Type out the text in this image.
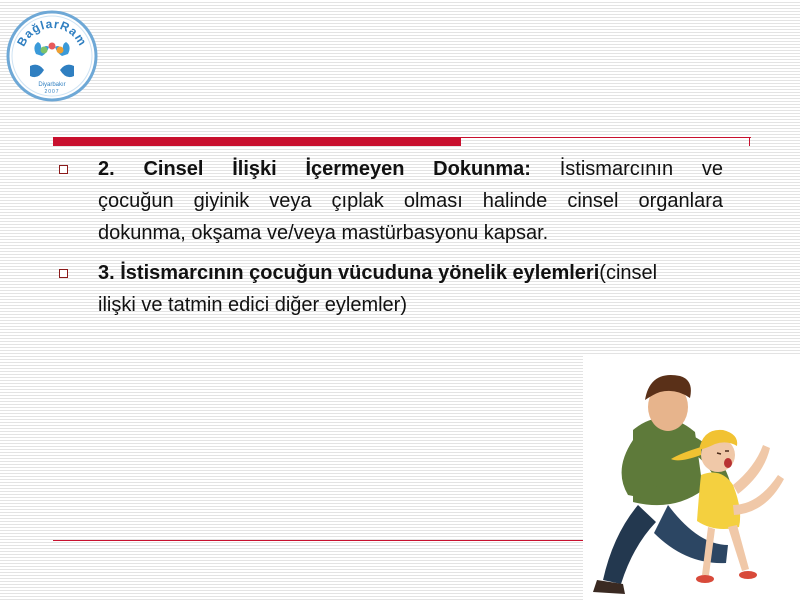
BağlarRam
Diyarbakır
2007
2. Cinsel İlişki İçermeyen Dokunma: İstismarcının ve
çocuğun giyinik veya çıplak olması halinde cinsel organlara
dokunma, okşama ve/veya mastürbasyonu kapsar.
3. İstismarcının çocuğun vücuduna yönelik eylemleri(cinsel
ilişki ve tatmin edici diğer eylemler)
